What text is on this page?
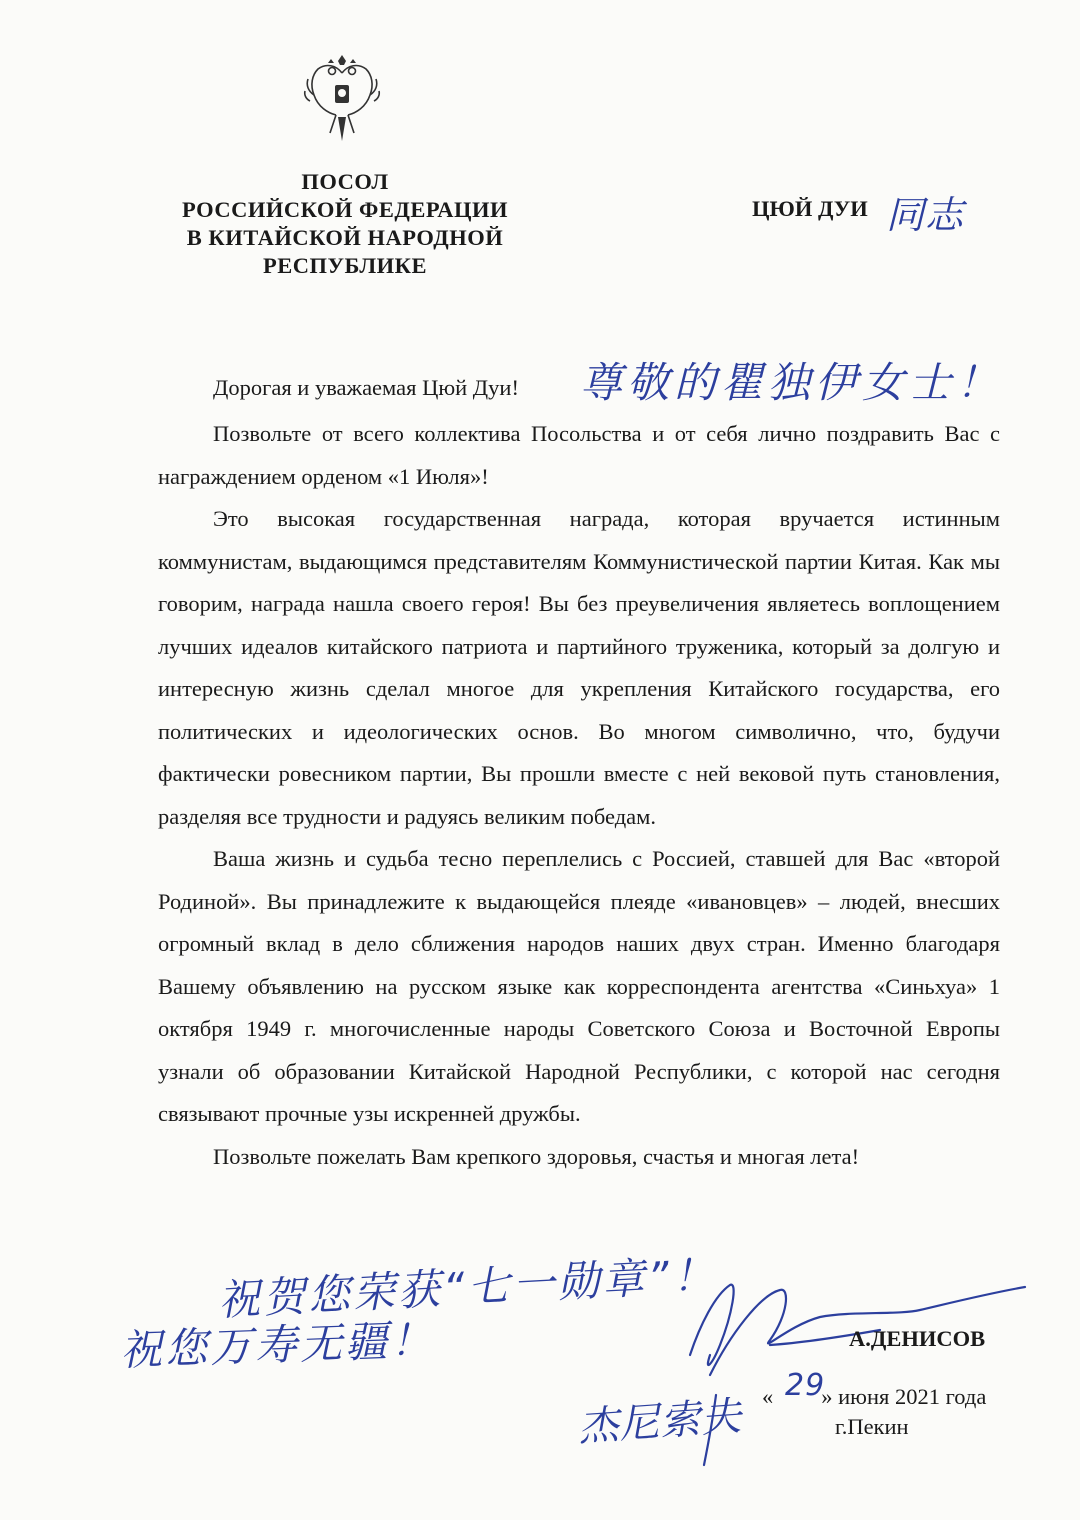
ПОСОЛ
РОССИЙСКОЙ ФЕДЕРАЦИИ
В КИТАЙСКОЙ НАРОДНОЙ
РЕСПУБЛИКЕ
ЦЮЙ ДУИ 同志
Дорогая и уважаемая Цюй Дуи! 尊敬的瞿独伊女士！

Позвольте от всего коллектива Посольства и от себя лично поздравить Вас с награждением орденом «1 Июля»!

Это высокая государственная награда, которая вручается истинным коммунистам, выдающимся представителям Коммунистической партии Китая. Как мы говорим, награда нашла своего героя! Вы без преувеличения являетесь воплощением лучших идеалов китайского патриота и партийного труженика, который за долгую и интересную жизнь сделал многое для укрепления Китайского государства, его политических и идеологических основ. Во многом символично, что, будучи фактически ровесником партии, Вы прошли вместе с ней вековой путь становления, разделяя все трудности и радуясь великим победам.

Ваша жизнь и судьба тесно переплелись с Россией, ставшей для Вас «второй Родиной». Вы принадлежите к выдающейся плеяде «ивановцев» – людей, внесших огромный вклад в дело сближения народов наших двух стран. Именно благодаря Вашему объявлению на русском языке как корреспондента агентства «Синьхуа» 1 октября 1949 г. многочисленные народы Советского Союза и Восточной Европы узнали об образовании Китайской Народной Республики, с которой нас сегодня связывают прочные узы искренней дружбы.

Позвольте пожелать Вам крепкого здоровья, счастья и многая лета!

祝贺您荣获“七一勋章”！
祝您万寿无疆！
杰尼索夫
А.ДЕНИСОВ
« » июня 2021 года
29
г.Пекин
